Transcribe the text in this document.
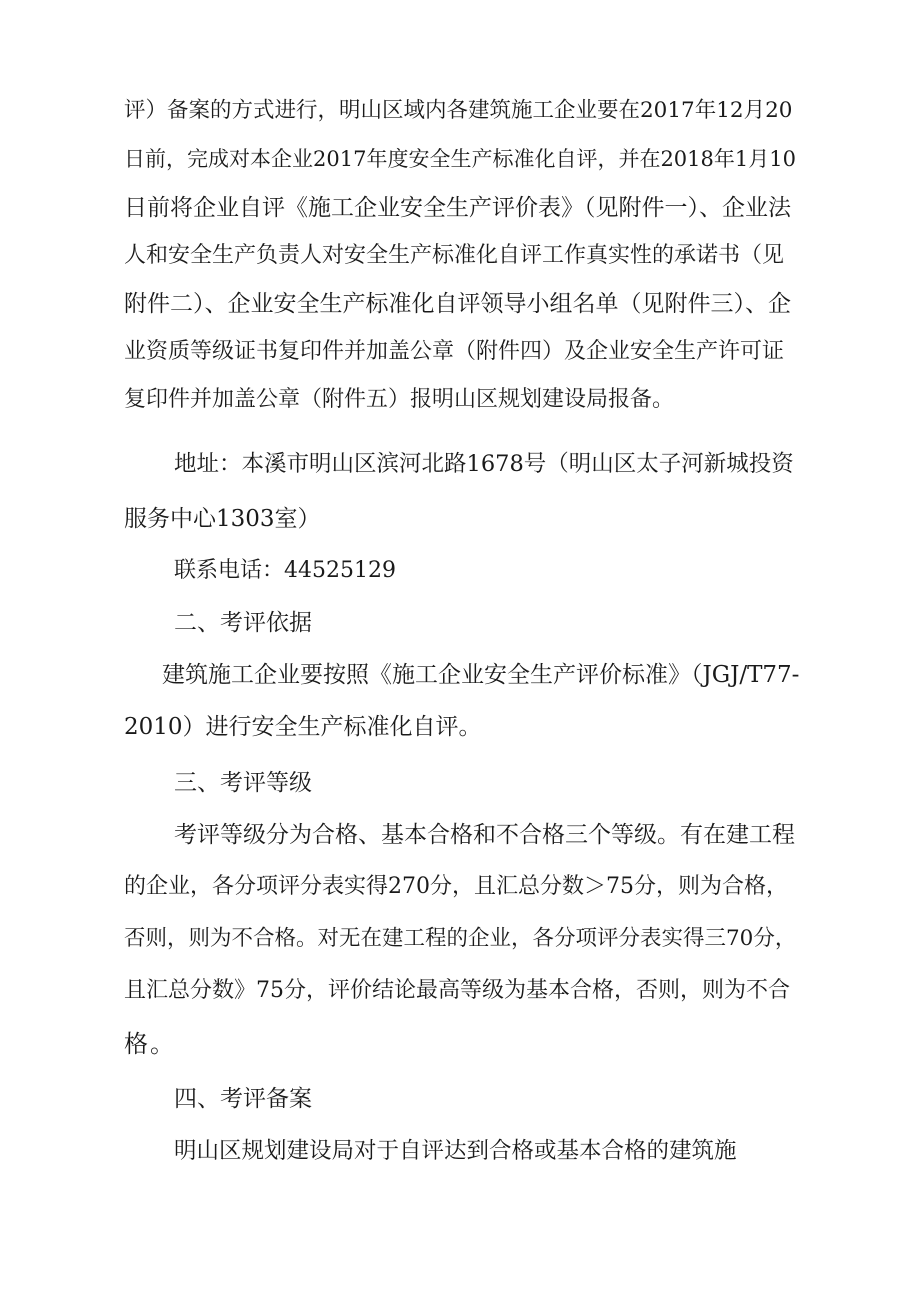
评）备案的方式进行，明山区域内各建筑施工企业要在2017年12月20
日前，完成对本企业2017年度安全生产标准化自评，并在2018年1月10
日前将企业自评《施工企业安全生产评价表》（见附件一）、企业法
人和安全生产负责人对安全生产标准化自评工作真实性的承诺书（见
附件二）、企业安全生产标准化自评领导小组名单（见附件三）、企
业资质等级证书复印件并加盖公章（附件四）及企业安全生产许可证
复印件并加盖公章（附件五）报明山区规划建设局报备。
地址：本溪市明山区滨河北路1678号（明山区太子河新城投资
服务中心1303室）
联系电话：44525129
二、考评依据
建筑施工企业要按照《施工企业安全生产评价标准》（JGJ/T77-
2010）进行安全生产标准化自评。
三、考评等级
考评等级分为合格、基本合格和不合格三个等级。有在建工程
的企业，各分项评分表实得270分，且汇总分数＞75分，则为合格，
否则，则为不合格。对无在建工程的企业，各分项评分表实得三70分，
且汇总分数》75分，评价结论最高等级为基本合格，否则，则为不合
格。
四、考评备案
明山区规划建设局对于自评达到合格或基本合格的建筑施
